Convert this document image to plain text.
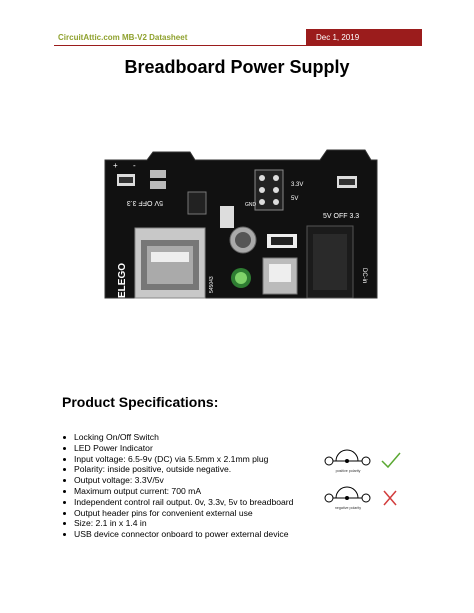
CircuitAttic.com MB-V2 Datasheet	Dec 1, 2019
Breadboard Power Supply
5V OFF 3.3
+ -
3.3V
5V
GND
5V OFF 3.3
ELEGO	545043
DC-in
Product Specifications:
Locking On/Off Switch
LED Power Indicator
Input voltage: 6.5-9v (DC) via 5.5mm x 2.1mm plug
Polarity: inside positive, outside negative.
Output voltage: 3.3V/5v
Maximum output current: 700 mA
Independent control rail output. 0v, 3.3v, 5v to breadboard
Output header pins for convenient external use
Size: 2.1 in x 1.4 in
USB device connector onboard to power external device
positive polarity
negative polarity
